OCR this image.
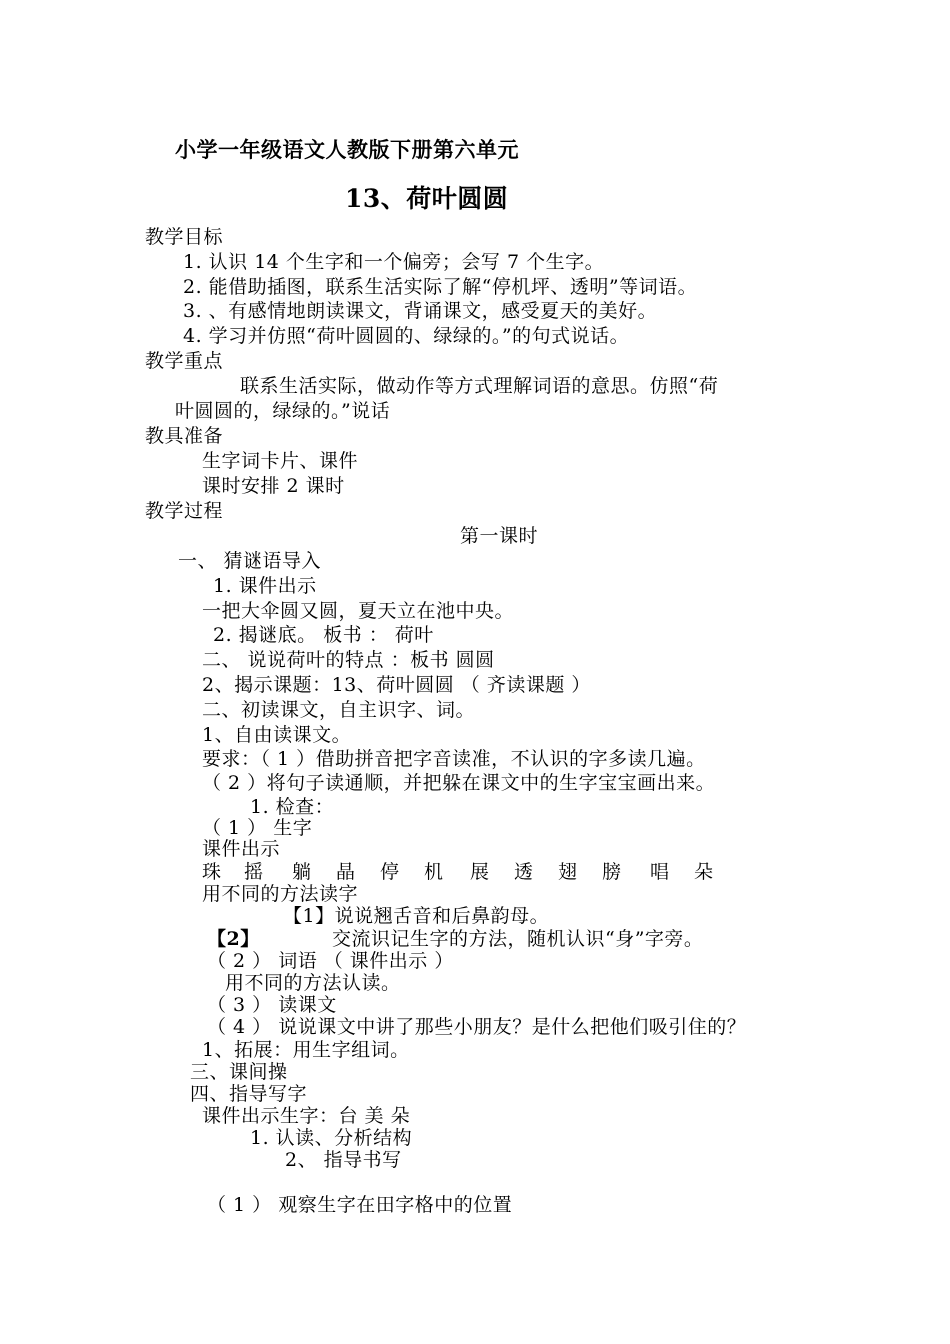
小学一年级语文人教版下册第六单元
13、荷叶圆圆
教学目标
1. 认识 14 个生字和一个偏旁；会写 7 个生字。
2. 能借助插图，联系生活实际了解“停机坪、透明”等词语。
3. 、有感情地朗读课文，背诵课文，感受夏天的美好。
4. 学习并仿照“荷叶圆圆的、绿绿的。”的句式说话。
教学重点
联系生活实际，做动作等方式理解词语的意思。仿照“荷
叶圆圆的，绿绿的。”说话
教具准备
生字词卡片、课件
课时安排 2 课时
教学过程
第一课时
一、 猜谜语导入
1. 课件出示
一把大伞圆又圆，夏天立在池中央。
2. 揭谜底。 板书 ： 荷叶
二、 说说荷叶的特点 ：板书 圆圆
2、揭示课题：13、荷叶圆圆 （ 齐读课题 ）
二、初读课文，自主识字、词。
1、自由读课文。
要求：（ 1 ）借助拼音把字音读准，不认识的字多读几遍。
（ 2 ）将句子读通顺，并把躲在课文中的生字宝宝画出来。
1. 检查：
（ 1 ） 生字
课件出示
珠 摇 躺 晶 停 机 展 透 翅 膀 唱 朵
用不同的方法读字
【1】说说翘舌音和后鼻韵母。
【2】	交流识记生字的方法，随机认识“身”字旁。
（ 2 ） 词语 （ 课件出示 ）
用不同的方法认读。
（ 3 ） 读课文
（ 4 ） 说说课文中讲了那些小朋友？是什么把他们吸引住的？
1、拓展：用生字组词。
三、课间操
四、指导写字
课件出示生字：台 美 朵
1. 认读、分析结构
2、 指导书写
（ 1 ） 观察生字在田字格中的位置
